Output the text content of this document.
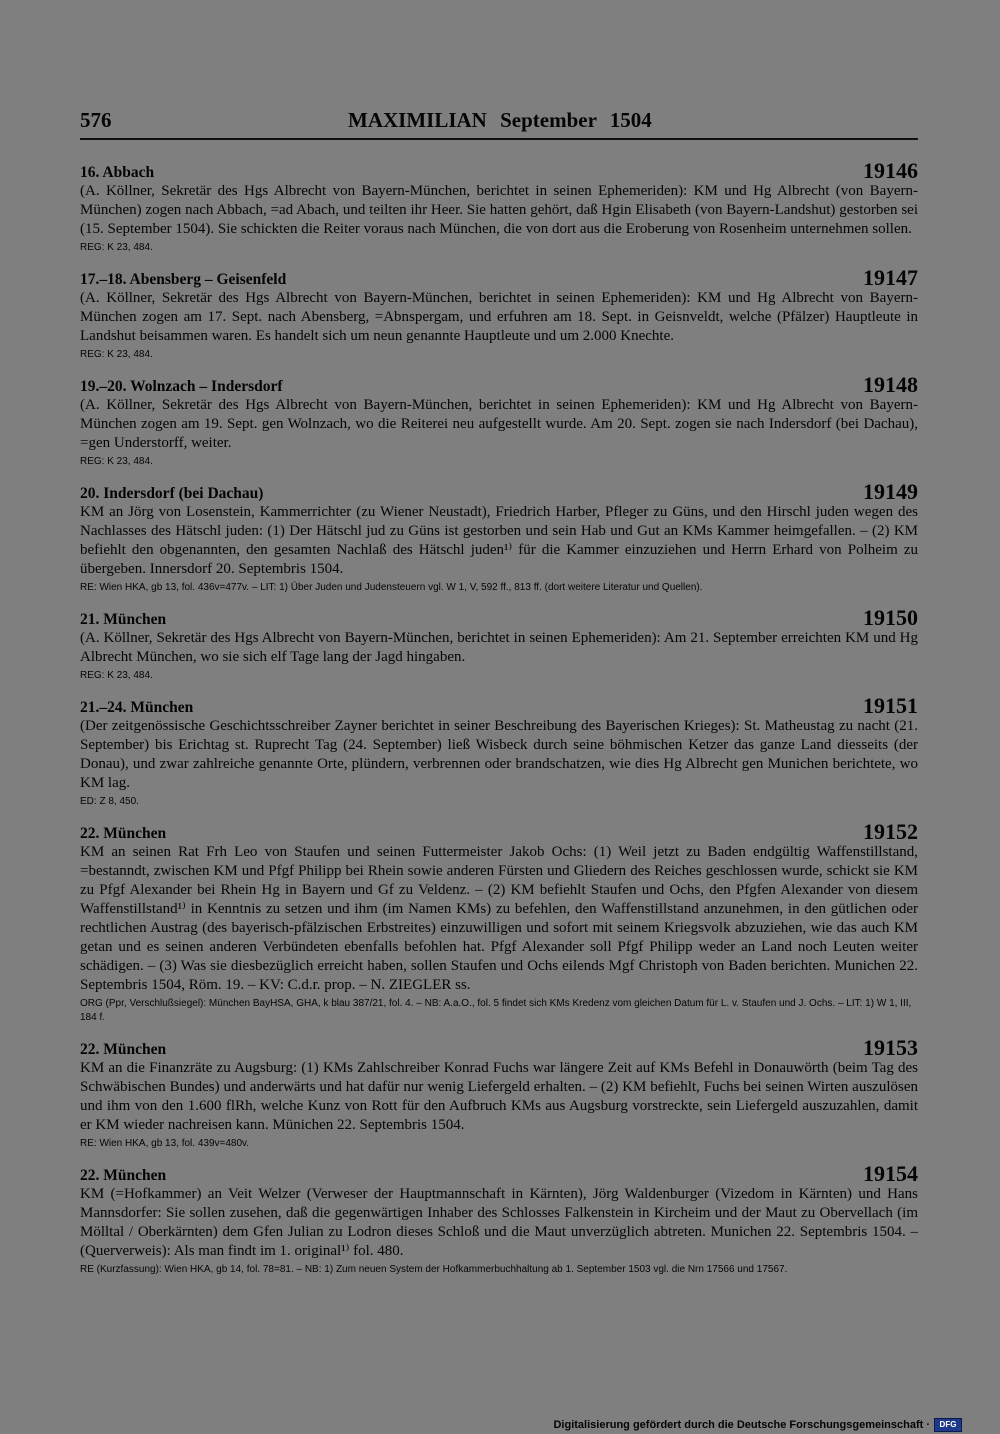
576	MAXIMILIAN September 1504
16. Abbach	19146
(A. Köllner, Sekretär des Hgs Albrecht von Bayern-München, berichtet in seinen Ephemeriden): KM und Hg Albrecht (von Bayern-München) zogen nach Abbach, =ad Abach, und teilten ihr Heer. Sie hatten gehört, daß Hgin Elisabeth (von Bayern-Landshut) gestorben sei (15. September 1504). Sie schickten die Reiter voraus nach München, die von dort aus die Eroberung von Rosenheim unternehmen sollen.
REG: K 23, 484.
17.–18. Abensberg – Geisenfeld	19147
(A. Köllner, Sekretär des Hgs Albrecht von Bayern-München, berichtet in seinen Ephemeriden): KM und Hg Albrecht von Bayern-München zogen am 17. Sept. nach Abensberg, =Abnspergam, und erfuhren am 18. Sept. in Geisnveldt, welche (Pfälzer) Hauptleute in Landshut beisammen waren. Es handelt sich um neun genannte Hauptleute und um 2.000 Knechte.
REG: K 23, 484.
19.–20. Wolnzach – Indersdorf	19148
(A. Köllner, Sekretär des Hgs Albrecht von Bayern-München, berichtet in seinen Ephemeriden): KM und Hg Albrecht von Bayern-München zogen am 19. Sept. gen Wolnzach, wo die Reiterei neu aufgestellt wurde. Am 20. Sept. zogen sie nach Indersdorf (bei Dachau), =gen Understorff, weiter.
REG: K 23, 484.
20. Indersdorf (bei Dachau)	19149
KM an Jörg von Losenstein, Kammerrichter (zu Wiener Neustadt), Friedrich Harber, Pfleger zu Güns, und den Hirschl juden wegen des Nachlasses des Hätschl juden: (1) Der Hätschl jud zu Güns ist gestorben und sein Hab und Gut an KMs Kammer heimgefallen. – (2) KM befiehlt den obgenannten, den gesamten Nachlaß des Hätschl juden¹⁾ für die Kammer einzuziehen und Herrn Erhard von Polheim zu übergeben. Innersdorf 20. Septembris 1504.
RE: Wien HKA, gb 13, fol. 436v=477v. – LIT: 1) Über Juden und Judensteuern vgl. W 1, V, 592 ff., 813 ff. (dort weitere Literatur und Quellen).
21. München	19150
(A. Köllner, Sekretär des Hgs Albrecht von Bayern-München, berichtet in seinen Ephemeriden): Am 21. September erreichten KM und Hg Albrecht München, wo sie sich elf Tage lang der Jagd hingaben.
REG: K 23, 484.
21.–24. München	19151
(Der zeitgenössische Geschichtsschreiber Zayner berichtet in seiner Beschreibung des Bayerischen Krieges): St. Matheustag zu nacht (21. September) bis Erichtag st. Ruprecht Tag (24. September) ließ Wisbeck durch seine böhmischen Ketzer das ganze Land diesseits (der Donau), und zwar zahlreiche genannte Orte, plündern, verbrennen oder brandschatzen, wie dies Hg Albrecht gen Munichen berichtete, wo KM lag.
ED: Z 8, 450.
22. München	19152
KM an seinen Rat Frh Leo von Staufen und seinen Futtermeister Jakob Ochs: (1) Weil jetzt zu Baden endgültig Waffenstillstand, =bestanndt, zwischen KM und Pfgf Philipp bei Rhein sowie anderen Fürsten und Gliedern des Reiches geschlossen wurde, schickt sie KM zu Pfgf Alexander bei Rhein Hg in Bayern und Gf zu Veldenz. – (2) KM befiehlt Staufen und Ochs, den Pfgfen Alexander von diesem Waffenstillstand¹⁾ in Kenntnis zu setzen und ihm (im Namen KMs) zu befehlen, den Waffenstillstand anzunehmen, in den gütlichen oder rechtlichen Austrag (des bayerisch-pfälzischen Erbstreites) einzuwilligen und sofort mit seinem Kriegsvolk abzuziehen, wie das auch KM getan und es seinen anderen Verbündeten ebenfalls befohlen hat. Pfgf Alexander soll Pfgf Philipp weder an Land noch Leuten weiter schädigen. – (3) Was sie diesbezüglich erreicht haben, sollen Staufen und Ochs eilends Mgf Christoph von Baden berichten. Munichen 22. Septembris 1504, Röm. 19. – KV: C.d.r. prop. – N. ZIEGLER ss.
ORG (Ppr, Verschlußsiegel): München BayHSA, GHA, k blau 387/21, fol. 4. – NB: A.a.O., fol. 5 findet sich KMs Kredenz vom gleichen Datum für L. v. Staufen und J. Ochs. – LIT: 1) W 1, III, 184 f.
22. München	19153
KM an die Finanzräte zu Augsburg: (1) KMs Zahlschreiber Konrad Fuchs war längere Zeit auf KMs Befehl in Donauwörth (beim Tag des Schwäbischen Bundes) und anderwärts und hat dafür nur wenig Liefergeld erhalten. – (2) KM befiehlt, Fuchs bei seinen Wirten auszulösen und ihm von den 1.600 flRh, welche Kunz von Rott für den Aufbruch KMs aus Augsburg vorstreckte, sein Liefergeld auszuzahlen, damit er KM wieder nachreisen kann. Münichen 22. Septembris 1504.
RE: Wien HKA, gb 13, fol. 439v=480v.
22. München	19154
KM (=Hofkammer) an Veit Welzer (Verweser der Hauptmannschaft in Kärnten), Jörg Waldenburger (Vizedom in Kärnten) und Hans Mannsdorfer: Sie sollen zusehen, daß die gegenwärtigen Inhaber des Schlosses Falkenstein in Kircheim und der Maut zu Obervellach (im Mölltal / Oberkärnten) dem Gfen Julian zu Lodron dieses Schloß und die Maut unverzüglich abtreten. Munichen 22. Septembris 1504. – (Querverweis): Als man findt im 1. original¹⁾ fol. 480.
RE (Kurzfassung): Wien HKA, gb 14, fol. 78=81. – NB: 1) Zum neuen System der Hofkammerbuchhaltung ab 1. September 1503 vgl. die Nrn 17566 und 17567.
Digitalisierung gefördert durch die Deutsche Forschungsgemeinschaft ·	DFG
